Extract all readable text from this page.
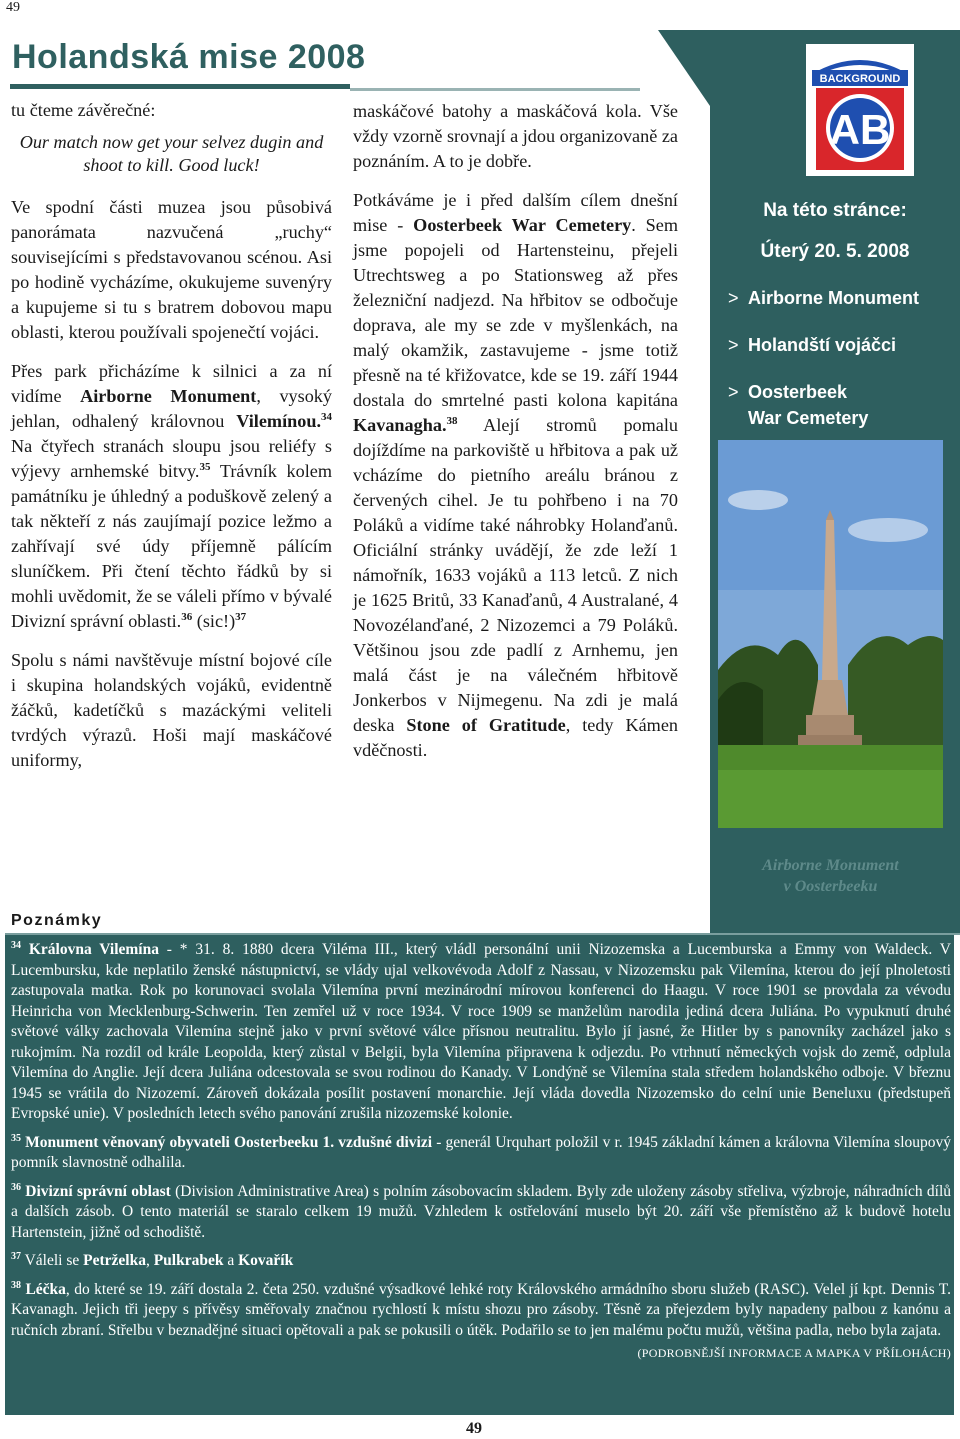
49
Holandská mise 2008

tu čteme závěrečné:

Our match now get your selvez dugin and shoot to kill. Good luck!

Ve spodní části muzea jsou působivá panorámata nazvučená „ruchy“ souvisejícími s představovanou scénou. Asi po hodině vycházíme, okukujeme suvenýry a kupujeme si tu s bratrem dobovou mapu oblasti, kterou používali spojenečtí vojáci.

Přes park přicházíme k silnici a za ní vidíme Airborne Monument, vysoký jehlan, odhalený královnou Vilemínou.$^{34}$ Na čtyřech stranách sloupu jsou reliéfy s výjevy arnhemské bitvy.$^{35}$ Trávník kolem památníku je úhledný a poduškově zelený a tak někteří z nás zaujímají pozice ležmo a zahřívají své údy příjemně pálícím sluníčkem. Při čtení těchto řádků by si mohli uvědomit, že se váleli přímo v bývalé Divizní správní oblasti.$^{36}$ $(sic!)^{37}$

Spolu s námi navštěvuje místní bojové cíle i skupina holandských vojáků, evidentně žáčků, kadetíčků s mazáckými veliteli tvrdých výrazů. Hoši mají maskáčové uniformy,

maskáčové batohy a maskáčová kola. Vše vždy vzorně srovnají a jdou organizovaně za poznáním. A to je dobře.

Potkáváme je i před dalším cílem dnešní mise - Oosterbeek War Cemetery. Sem jsme popojeli od Hartensteinu, přejeli Utrechtsweg a po Stationsweg až přes železniční nadjezd. Na hřbitov se odbočuje doprava, ale my se zde v myšlenkách, na malý okamžik, zastavujeme - jsme totiž přesně na té křižovatce, kde se 19. září 1944 dostala do smrtelné pasti kolona kapitána Kavanagha.$^{38}$ Alejí stromů pomalu dojíždíme na parkoviště u hřbitova a pak už vcházíme do pietního areálu bránou z červených cihel. Je tu pohřbeno i na 70 Poláků a vidíme také náhrobky Holanďanů. Oficiální stránky uvádějí, že zde leží 1 námořník, 1633 vojáků a 113 letců. Z nich je 1625 Britů, 33 Kanaďanů, 4 Australané, 4 Novozélanďané, 2 Nizozemci a 79 Poláků. Většinou jsou zde padlí z Arnhemu, jen malá část je na válečném hřbitově Jonkerbos v Nijmegenu. Na zdi je malá deska Stone of Gratitude, tedy Kámen vděčnosti.

BACKGROUND
AB
Na této stránce:
Úterý 20. 5. 2008
> Airborne Monument
> Holandští vojáčci
> Oosterbeek
War Cemetery
Airborne Monument
v Oosterbeeku
Poznámky

$^{34}$ Královna Vilemína - * 31. 8. 1880 dcera Viléma III., který vládl personální unii Nizozemska a Lucemburska a Emmy von Waldeck. V Lucembursku, kde neplatilo ženské nástupnictví, se vlády ujal velkovévoda Adolf z Nassau, v Nizozemsku pak Vilemína, kterou do její plnoletosti zastupovala matka. Rok po korunovaci svolala Vilemína první mezinárodní mírovou konferenci do Haagu. V roce 1901 se provdala za vévodu Heinricha von Mecklenburg-Schwerin. Ten zemřel už v roce 1934. V roce 1909 se manželům narodila jediná dcera Juliána. Po vypuknutí druhé světové války zachovala Vilemína stejně jako v první světové válce přísnou neutralitu. Bylo jí jasné, že Hitler by s panovníky zacházel jako s rukojmím. Na rozdíl od krále Leopolda, který zůstal v Belgii, byla Vilemína připravena k odjezdu. Po vtrhnutí německých vojsk do země, odplula Vilemína do Anglie. Její dcera Juliána odcestovala se svou rodinou do Kanady. V Londýně se Vilemína stala středem holandského odboje. V březnu 1945 se vrátila do Nizozemí. Zároveň dokázala posílit postavení monarchie. Její vláda dovedla Nizozemsko do celní unie Beneluxu (předstupeň Evropské unie). V posledních letech svého panování zrušila nizozemské kolonie.

$^{35}$ Monument věnovaný obyvateli Oosterbeeku 1. vzdušné divizi - generál Urquhart položil v r. 1945 základní kámen a královna Vilemína sloupový pomník slavnostně odhalila.

$^{36}$ Divizní správní oblast (Division Administrative Area) s polním zásobovacím skladem. Byly zde uloženy zásoby střeliva, výzbroje, náhradních dílů a dalších zásob. O tento materiál se staralo celkem 19 mužů. Vzhledem k ostřelování muselo být 20. září vše přemístěno až k budově hotelu Hartenstein, jižně od schodiště.

$^{37}$ Váleli se Petrželka, Pulkrabek a Kovařík

$^{38}$ Léčka, do které se 19. září dostala 2. četa 250. vzdušné výsadkové lehké roty Královského armádního sboru služeb (RASC). Velel jí kpt. Dennis T. Kavanagh. Jejich tři jeepy s přívěsy směřovaly značnou rychlostí k místu shozu pro zásoby. Těsně za přejezdem byly napadeny palbou z kanónu a ručních zbraní. Střelbu v beznadějné situaci opětovali a pak se pokusili o útěk. Podařilo se to jen malému počtu mužů, většina padla, nebo byla zajata.

(PODROBNĚJŠÍ INFORMACE A MAPKA V PŘÍLOHÁCH)
49
